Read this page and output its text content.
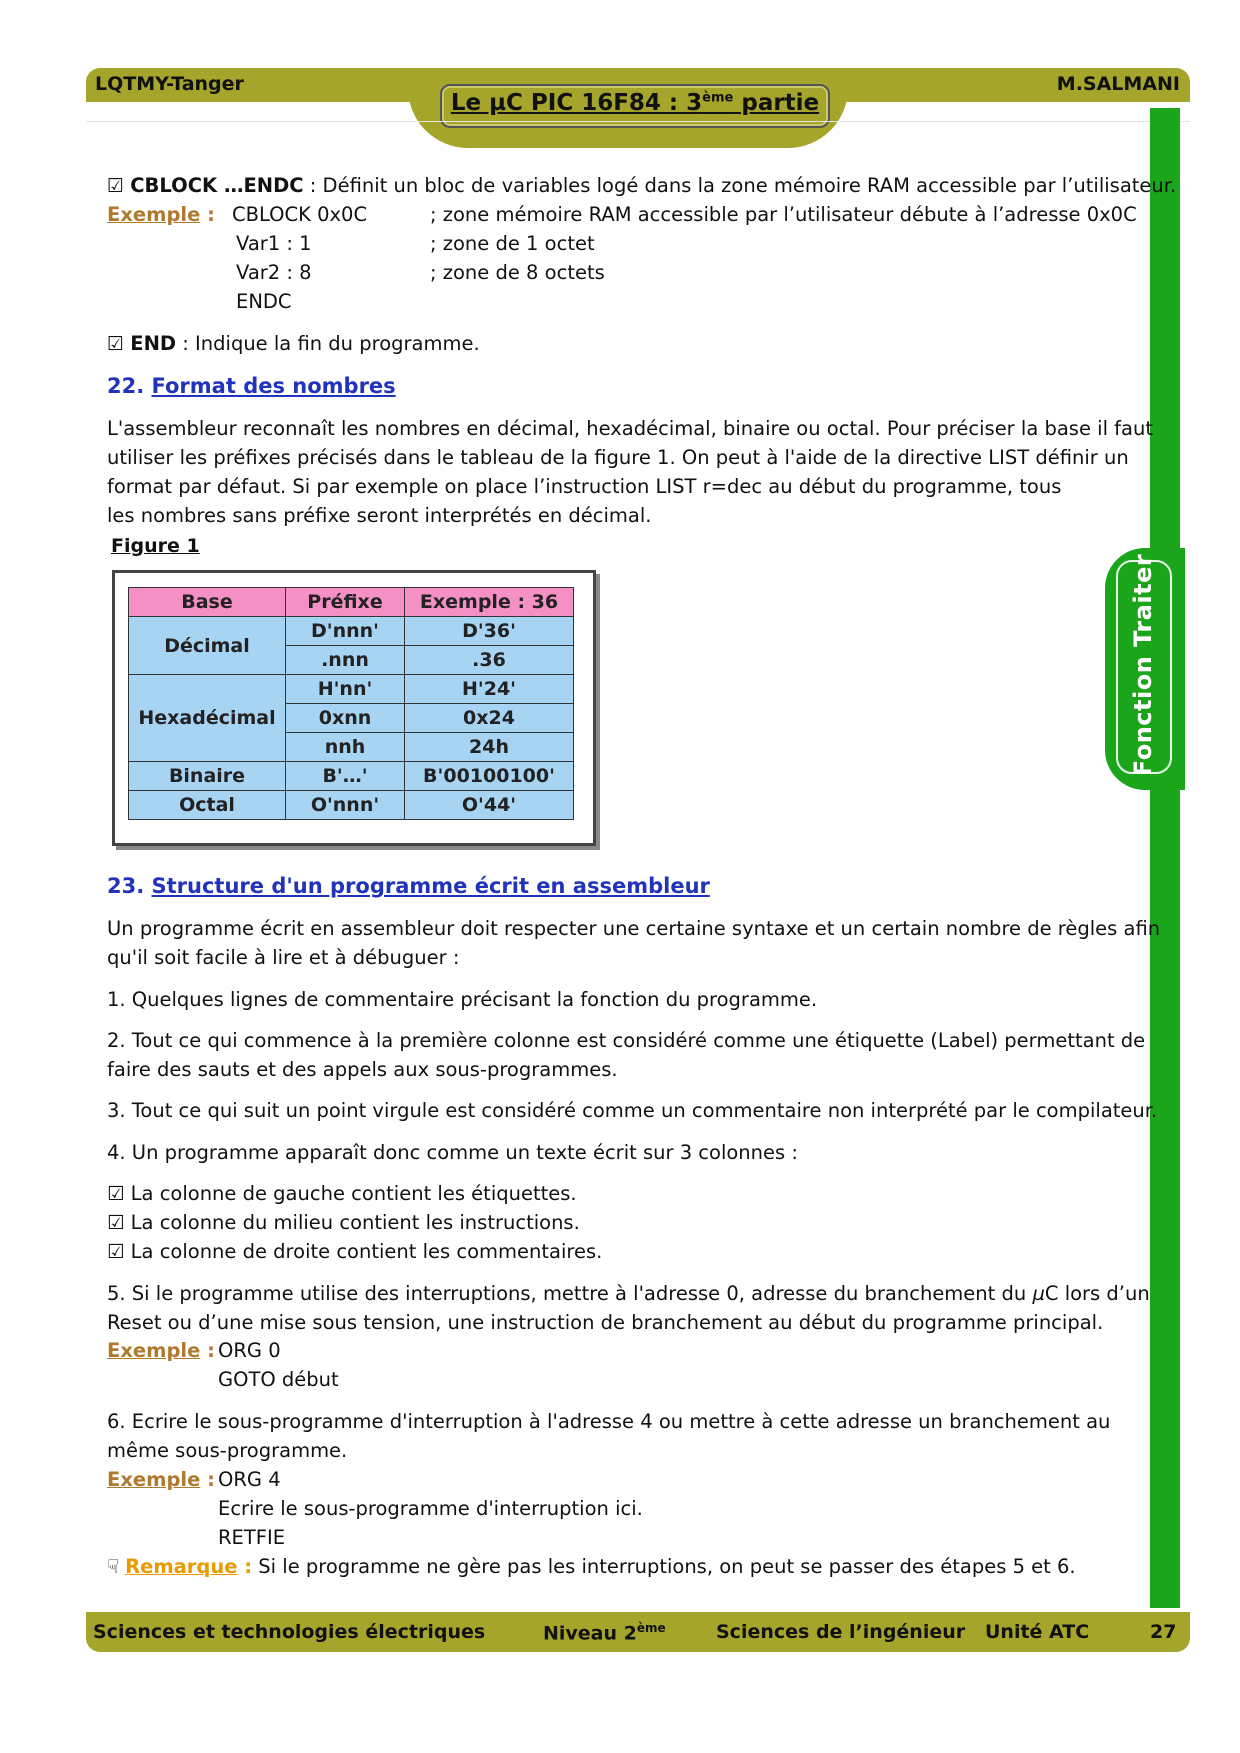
LQTMY-Tanger	M.SALMANI
Le µC PIC 16F84 : 3ème partie
Fonction Traiter
☑ CBLOCK …ENDC : Définit un bloc de variables logé dans la zone mémoire RAM accessible par l’utilisateur.
Exemple : CBLOCK 0x0C	; zone mémoire RAM accessible par l’utilisateur débute à l’adresse 0x0C
Var1 : 1	; zone de 1 octet
Var2 : 8	; zone de 8 octets
ENDC
☑ END : Indique la fin du programme.
22. Format des nombres
L'assembleur reconnaît les nombres en décimal, hexadécimal, binaire ou octal. Pour préciser la base il faut
utiliser les préfixes précisés dans le tableau de la figure 1. On peut à l'aide de la directive LIST définir un
format par défaut. Si par exemple on place l’instruction LIST r=dec au début du programme, tous
les nombres sans préfixe seront interprétés en décimal.
Figure 1
Base	Préfixe	Exemple : 36
Décimal	D'nnn'	D'36'
	.nnn	.36
Hexadécimal	H'nn'	H'24'
	0xnn	0x24
	nnh	24h
Binaire	B'…'	B'00100100'
Octal	O'nnn'	O'44'
23. Structure d'un programme écrit en assembleur
Un programme écrit en assembleur doit respecter une certaine syntaxe et un certain nombre de règles afin
qu'il soit facile à lire et à débuguer :
1. Quelques lignes de commentaire précisant la fonction du programme.
2. Tout ce qui commence à la première colonne est considéré comme une étiquette (Label) permettant de
faire des sauts et des appels aux sous-programmes.
3. Tout ce qui suit un point virgule est considéré comme un commentaire non interprété par le compilateur.
4. Un programme apparaît donc comme un texte écrit sur 3 colonnes :
☑ La colonne de gauche contient les étiquettes.
☑ La colonne du milieu contient les instructions.
☑ La colonne de droite contient les commentaires.
5. Si le programme utilise des interruptions, mettre à l'adresse 0, adresse du branchement du µC lors d’un
Reset ou d’une mise sous tension, une instruction de branchement au début du programme principal.
Exemple : ORG 0
GOTO début
6. Ecrire le sous-programme d'interruption à l'adresse 4 ou mettre à cette adresse un branchement au
même sous-programme.
Exemple : ORG 4
Ecrire le sous-programme d'interruption ici.
RETFIE
☟ Remarque : Si le programme ne gère pas les interruptions, on peut se passer des étapes 5 et 6.
Sciences et technologies électriques	Niveau 2ème	Sciences de l’ingénieur Unité ATC	27
